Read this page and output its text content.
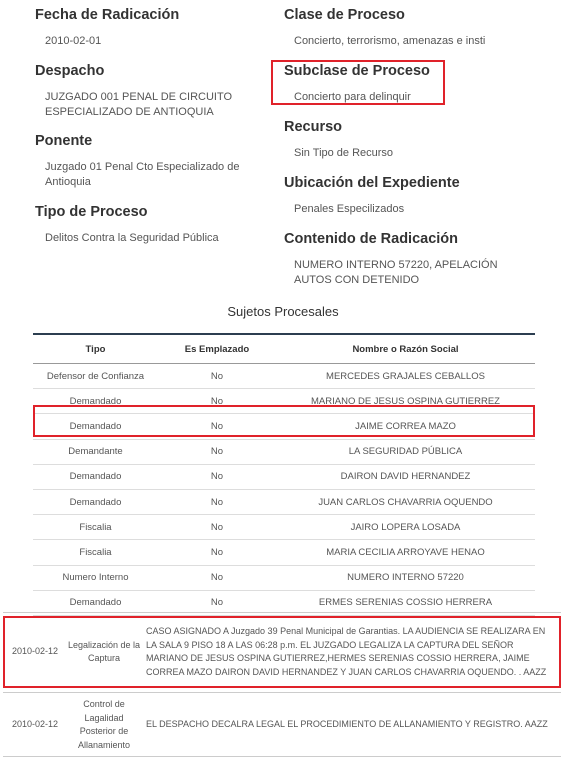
Fecha de Radicación
2010-02-01
Despacho
JUZGADO 001 PENAL DE CIRCUITO ESPECIALIZADO DE ANTIOQUIA
Ponente
Juzgado 01 Penal Cto Especializado de Antioquia
Tipo de Proceso
Delitos Contra la Seguridad Pública
Clase de Proceso
Concierto, terrorismo, amenazas e insti
Subclase de Proceso
Concierto para delinquir
Recurso
Sin Tipo de Recurso
Ubicación del Expediente
Penales Especilizados
Contenido de Radicación
NUMERO INTERNO 57220, APELACIÓN AUTOS CON DETENIDO
Sujetos Procesales
Tipo	Es Emplazado	Nombre o Razón Social
Defensor de Confianza	No	MERCEDES GRAJALES CEBALLOS
Demandado	No	MARIANO DE JESUS OSPINA GUTIERREZ
Demandado	No	JAIME CORREA MAZO
Demandante	No	LA SEGURIDAD PÚBLICA
Demandado	No	DAIRON DAVID HERNANDEZ
Demandado	No	JUAN CARLOS CHAVARRIA OQUENDO
Fiscalia	No	JAIRO LOPERA LOSADA
Fiscalia	No	MARIA CECILIA ARROYAVE HENAO
Numero Interno	No	NUMERO INTERNO 57220
Demandado	No	ERMES SERENIAS COSSIO HERRERA
2010-02-12	Legalización de la Captura	CASO ASIGNADO A Juzgado 39 Penal Municipal de Garantias. LA AUDIENCIA SE REALIZARA EN LA SALA 9 PISO 18 A LAS 06:28 p.m. EL JUZGADO LEGALIZA LA CAPTURA DEL SEÑOR MARIANO DE JESUS OSPINA GUTIERREZ,HERMES SERENIAS COSSIO HERRERA, JAIME CORREA MAZO DAIRON DAVID HERNANDEZ Y JUAN CARLOS CHAVARRIA OQUENDO. . AAZZ
2010-02-12	Control de Lagalidad Posterior de Allanamiento	EL DESPACHO DECALRA LEGAL EL PROCEDIMIENTO DE ALLANAMIENTO Y REGISTRO. AAZZ
